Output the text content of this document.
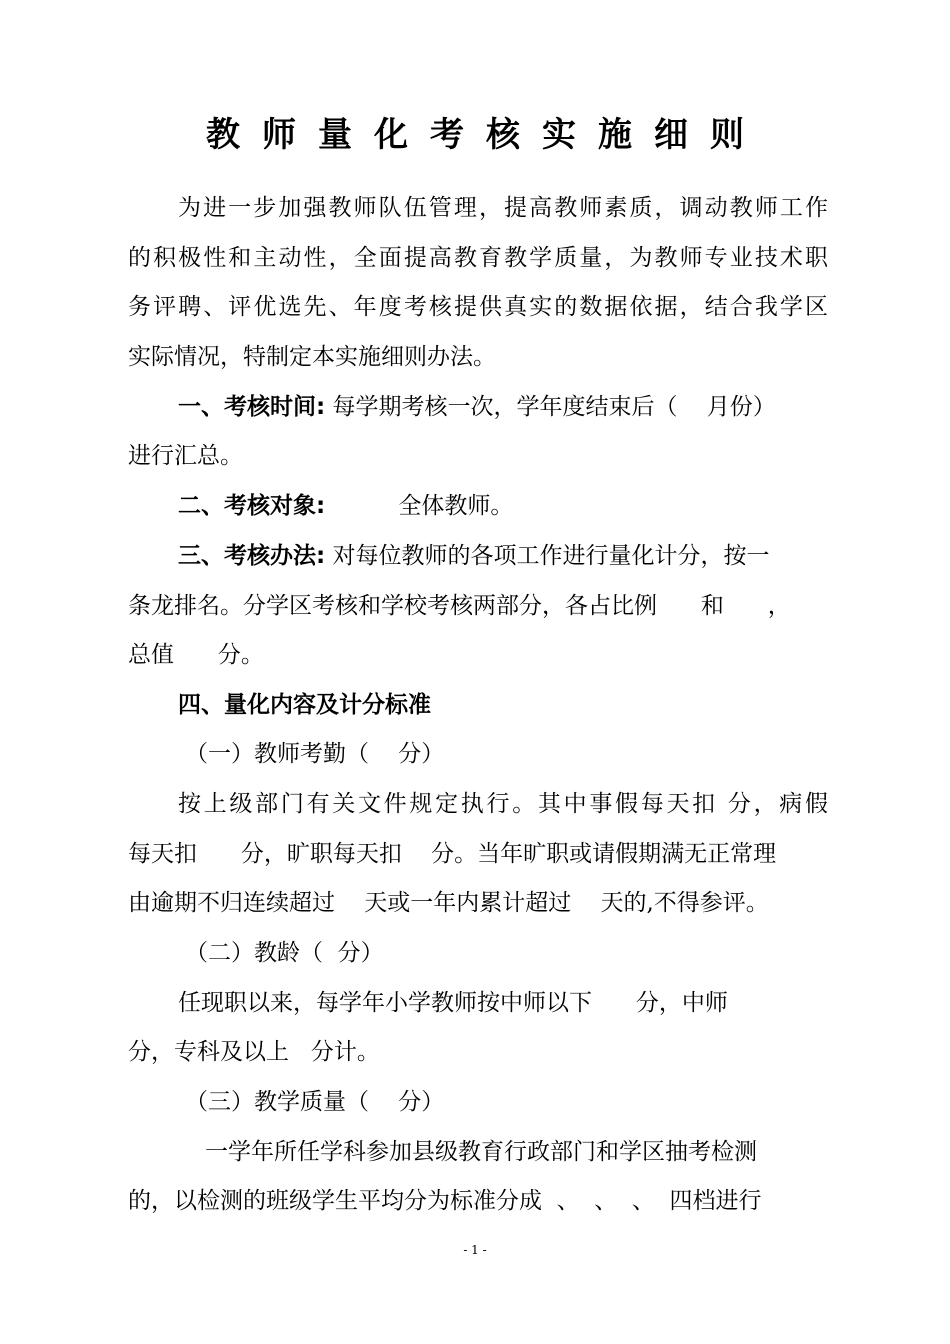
教师量化考核实施细则

为进一步加强教师队伍管理，提高教师素质，调动教师工作

的积极性和主动性，全面提高教育教学质量，为教师专业技术职

务评聘、评优选先、年度考核提供真实的数据依据，结合我学区

实际情况，特制定本实施细则办法。

一、考核时间: 每学期考核一次，学年度结束后（    月份）

进行汇总。

二、考核对象:          全体教师。

三、考核办法: 对每位教师的各项工作进行量化计分，按一

条龙排名。分学区考核和学校考核两部分，各占比例      和      ，

总值      分。

四、量化内容及计分标准

（一）教师考勤（    分）

按上级部门有关文件规定执行。其中事假每天扣 分，病假

每天扣      分，旷职每天扣    分。当年旷职或请假期满无正常理

由逾期不归连续超过    天或一年内累计超过    天的,不得参评。

（二）教龄（  分）

任现职以来，每学年小学教师按中师以下      分，中师

分，专科及以上   分计。

（三）教学质量（    分）

一学年所任学科参加县级教育行政部门和学区抽考检测

的，以检测的班级学生平均分为标准分成  、  、  、  四档进行

- 1 -
